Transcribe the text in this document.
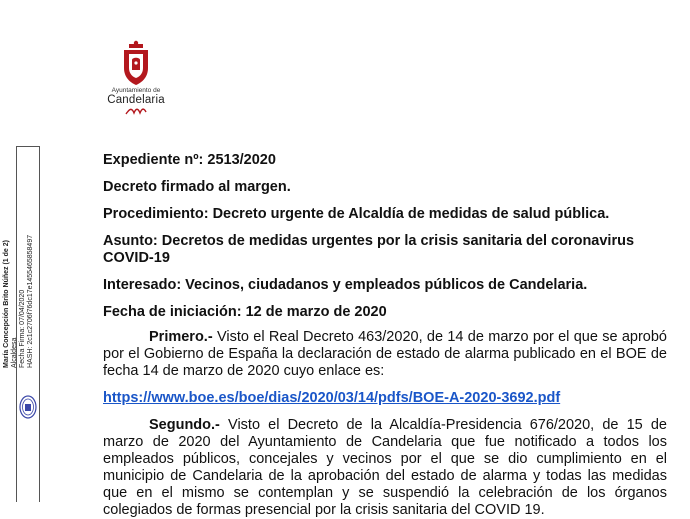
Ayuntamiento de
Candelaria
María Concepción Brito Núñez (1 de 2) Alcaldesa Fecha Firma: 07/04/2020 HASH: 2c1c2706f76dc17e1455465858497

Expediente nº: 2513/2020

Decreto firmado al margen.

Procedimiento: Decreto urgente de Alcaldía de medidas de salud pública.

Asunto: Decretos de medidas urgentes por la crisis sanitaria del coronavirus COVID-19

Interesado: Vecinos, ciudadanos y empleados públicos de Candelaria.

Fecha de iniciación: 12 de marzo de 2020

Primero.- Visto el Real Decreto 463/2020, de 14 de marzo por el que se aprobó por el Gobierno de España la declaración de estado de alarma publicado en el BOE de fecha 14 de marzo de 2020 cuyo enlace es:

https://www.boe.es/boe/dias/2020/03/14/pdfs/BOE-A-2020-3692.pdf

Segundo.- Visto el Decreto de la Alcaldía-Presidencia 676/2020, de 15 de marzo de 2020 del Ayuntamiento de Candelaria que fue notificado a todos los empleados públicos, concejales y vecinos por el que se dio cumplimiento en el municipio de Candelaria de la aprobación del estado de alarma y todas las medidas que en el mismo se contemplan y se suspendió la celebración de los órganos colegiados de formas presencial por la crisis sanitaria del COVID 19.
